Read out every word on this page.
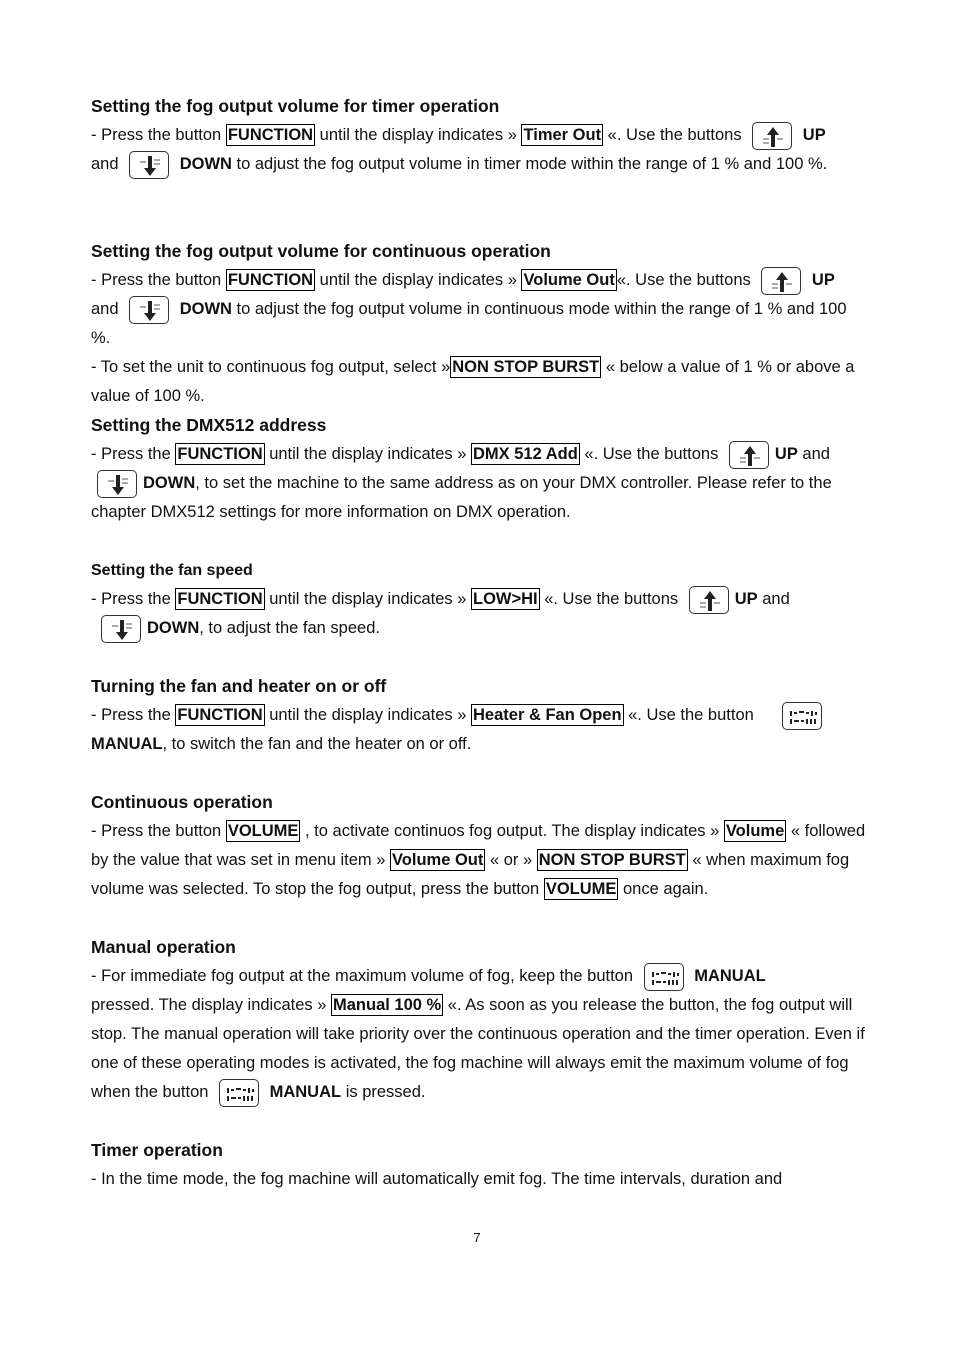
Setting the fog output volume for timer operation

- Press the button FUNCTION until the display indicates » Timer Out «. Use the buttons	UP
and	DOWN to adjust the fog output volume in timer mode within the range of 1 % and 100 %.

Setting the fog output volume for continuous operation

- Press the button FUNCTION until the display indicates » Volume Out «. Use the buttons	UP
and	DOWN to adjust the fog output volume in continuous mode within the range of 1 % and 100 %.

- To set the unit to continuous fog output, select » NON STOP BURST « below a value of 1 % or above a value of 100 %.

Setting the DMX512 address

- Press the FUNCTION until the display indicates » DMX 512 Add «. Use the buttons	UP and

DOWN, to set the machine to the same address as on your DMX controller. Please refer to the chapter DMX512 settings for more information on DMX operation.

Setting the fan speed

- Press the FUNCTION until the display indicates » LOW>HI «. Use the buttons	UP and

DOWN, to adjust the fan speed.

Turning the fan and heater on or off

- Press the FUNCTION until the display indicates » Heater & Fan Open «. Use the button

MANUAL, to switch the fan and the heater on or off.

Continuous operation

- Press the button VOLUME , to activate continuos fog output. The display indicates » Volume « followed by the value that was set in menu item » Volume Out « or » NON STOP BURST « when maximum fog volume was selected. To stop the fog output, press the button VOLUME once again.

Manual operation

- For immediate fog output at the maximum volume of fog, keep the button	MANUAL
pressed. The display indicates » Manual 100 % «. As soon as you release the button, the fog output will stop. The manual operation will take priority over the continuous operation and the timer operation. Even if one of these operating modes is activated, the fog machine will always emit the maximum volume of fog when the button	MANUAL is pressed.

Timer operation

- In the time mode, the fog machine will automatically emit fog. The time intervals, duration and

7
